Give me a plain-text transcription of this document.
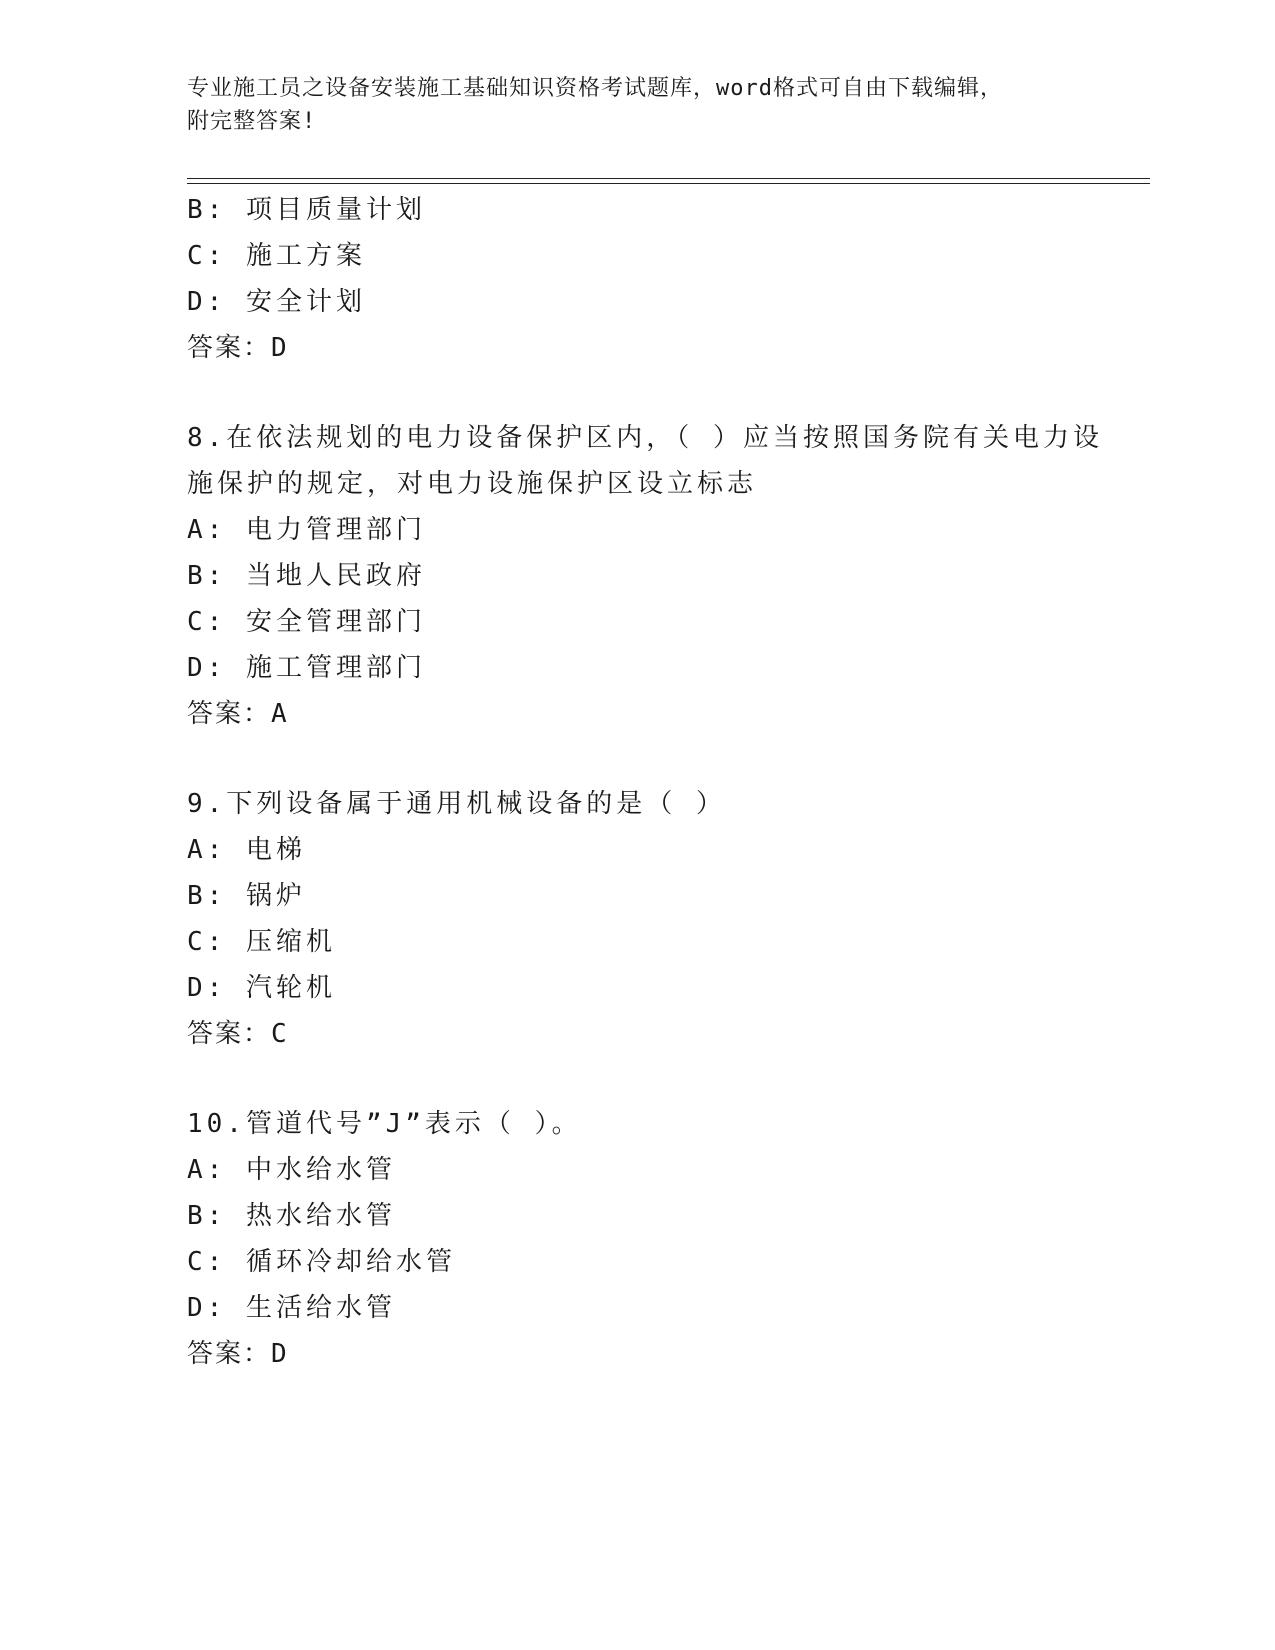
专业施工员之设备安装施工基础知识资格考试题库，word格式可自由下载编辑，
附完整答案!
B: 项目质量计划
C: 施工方案
D: 安全计划
答案：D
8.在依法规划的电力设备保护区内，（ ）应当按照国务院有关电力设
施保护的规定，对电力设施保护区设立标志
A: 电力管理部门
B: 当地人民政府
C: 安全管理部门
D: 施工管理部门
答案：A
9.下列设备属于通用机械设备的是（ ）
A: 电梯
B: 锅炉
C: 压缩机
D: 汽轮机
答案：C
10.管道代号”J”表示（ ）。
A: 中水给水管
B: 热水给水管
C: 循环冷却给水管
D: 生活给水管
答案：D
